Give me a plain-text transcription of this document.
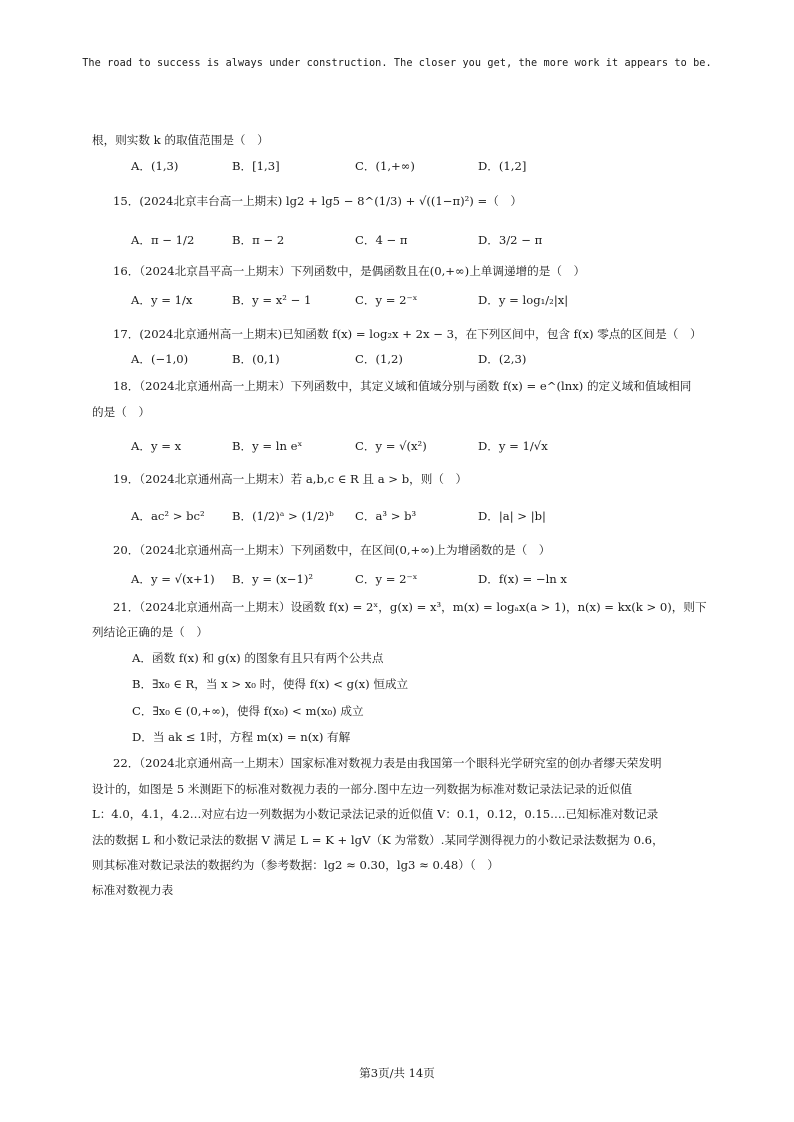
The road to success is always under construction. The closer you get, the more work it appears to be.
根，则实数 k 的取值范围是（　）
A．(1,3)	B．[1,3]	C．(1,+∞)	D．(1,2]
15．(2024北京丰台高一上期末) lg2 + lg5 − 8^(1/3) + √((1−π)²) =（　）
A．π − 1/2	B．π − 2	C．4 − π	D．3/2 − π
16．（2024北京昌平高一上期末）下列函数中，是偶函数且在(0,+∞)上单调递增的是（　）
A．y = 1/x	B．y = x² − 1	C．y = 2⁻ˣ	D．y = log₁/₂|x|
17．(2024北京通州高一上期末)已知函数 f(x) = log₂x + 2x − 3，在下列区间中，包含 f(x) 零点的区间是（　）
A．(−1,0)	B．(0,1)	C．(1,2)	D．(2,3)
18．（2024北京通州高一上期末）下列函数中，其定义域和值域分别与函数 f(x) = e^(lnx) 的定义域和值域相同
的是（　）
A．y = x	B．y = ln eˣ	C．y = √(x²)	D．y = 1/√x
19．（2024北京通州高一上期末）若 a,b,c ∈ R 且 a > b，则（　）
A．ac² > bc² B．(1/2)ᵃ > (1/2)ᵇ C．a³ > b³	D．|a| > |b|
20．（2024北京通州高一上期末）下列函数中，在区间(0,+∞)上为增函数的是（　）
A．y = √(x+1) B．y = (x−1)²	C．y = 2⁻ˣ	D．f(x) = −ln x
21．（2024北京通州高一上期末）设函数 f(x) = 2ˣ，g(x) = x³，m(x) = logₐx(a > 1)，n(x) = kx(k > 0)，则下
列结论正确的是（　）
A．函数 f(x) 和 g(x) 的图象有且只有两个公共点
B．∃x₀ ∈ R，当 x > x₀ 时，使得 f(x) < g(x) 恒成立
C．∃x₀ ∈ (0,+∞)，使得 f(x₀) < m(x₀) 成立
D．当 ak ≤ 1时，方程 m(x) = n(x) 有解
22．（2024北京通州高一上期末）国家标准对数视力表是由我国第一个眼科光学研究室的创办者缪天荣发明
设计的，如图是 5 米测距下的标准对数视力表的一部分.图中左边一列数据为标准对数记录法记录的近似值
L：4.0，4.1，4.2…对应右边一列数据为小数记录法记录的近似值 V：0.1，0.12，0.15….已知标准对数记录
法的数据 L 和小数记录法的数据 V 满足 L = K + lgV（K 为常数）.某同学测得视力的小数记录法数据为 0.6，
则其标准对数记录法的数据约为（参考数据：lg2 ≈ 0.30，lg3 ≈ 0.48）（　）
标准对数视力表
第3页/共 14页
